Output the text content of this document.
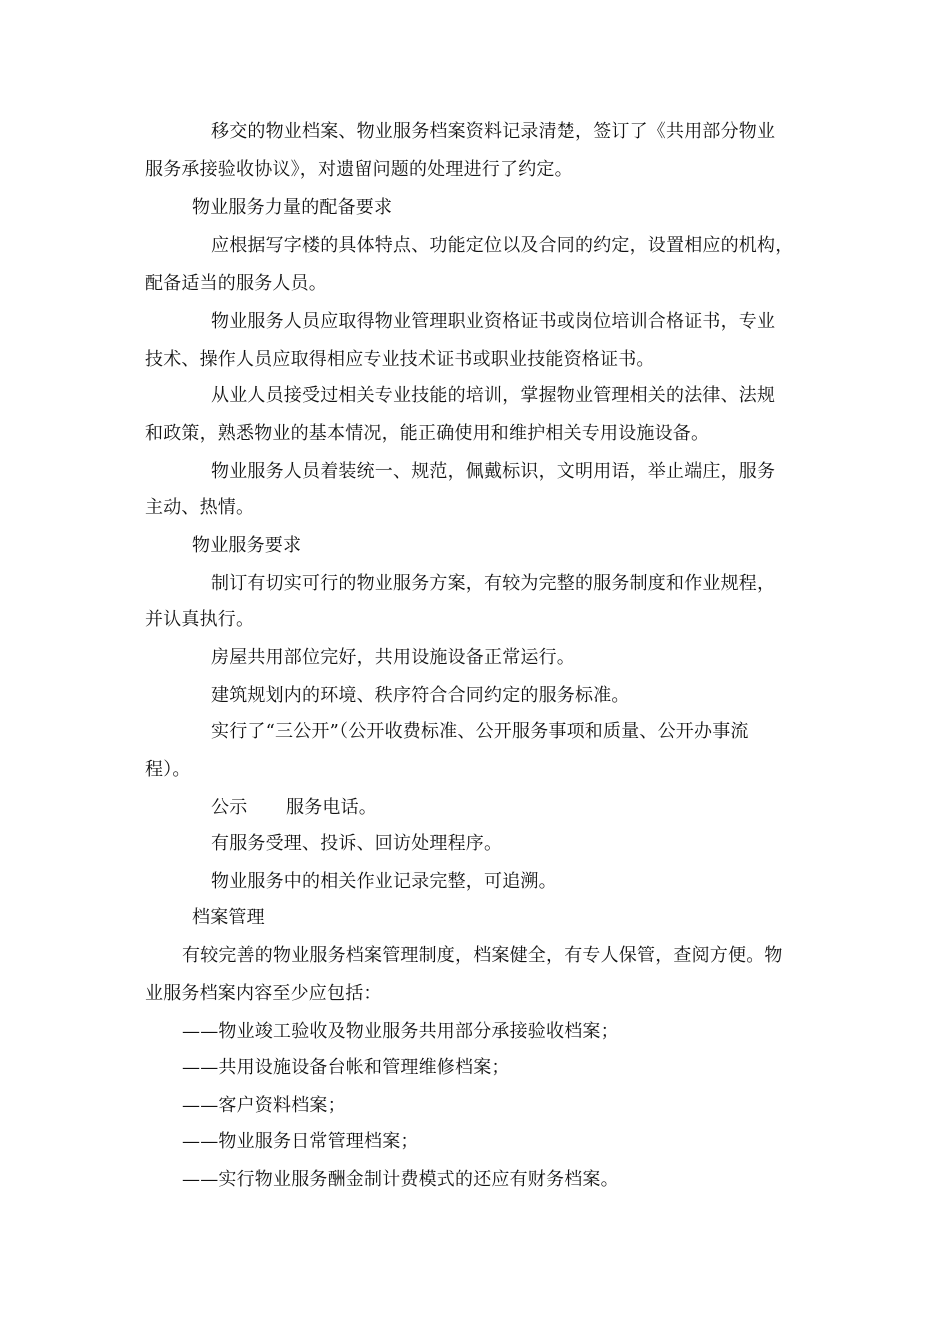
移交的物业档案、物业服务档案资料记录清楚，签订了《共用部分物业
服务承接验收协议》，对遗留问题的处理进行了约定。
物业服务力量的配备要求
应根据写字楼的具体特点、功能定位以及合同的约定，设置相应的机构，
配备适当的服务人员。
物业服务人员应取得物业管理职业资格证书或岗位培训合格证书，专业
技术、操作人员应取得相应专业技术证书或职业技能资格证书。
从业人员接受过相关专业技能的培训，掌握物业管理相关的法律、法规
和政策，熟悉物业的基本情况，能正确使用和维护相关专用设施设备。
物业服务人员着装统一、规范，佩戴标识，文明用语，举止端庄，服务
主动、热情。
物业服务要求
制订有切实可行的物业服务方案，有较为完整的服务制度和作业规程，
并认真执行。
房屋共用部位完好，共用设施设备正常运行。
建筑规划内的环境、秩序符合合同约定的服务标准。
实行了“三公开”（公开收费标准、公开服务事项和质量、公开办事流
程）。
公示 服务电话。
有服务受理、投诉、回访处理程序。
物业服务中的相关作业记录完整，可追溯。
档案管理
有较完善的物业服务档案管理制度，档案健全，有专人保管，查阅方便。物
业服务档案内容至少应包括：
——物业竣工验收及物业服务共用部分承接验收档案；
——共用设施设备台帐和管理维修档案；
——客户资料档案；
——物业服务日常管理档案；
——实行物业服务酬金制计费模式的还应有财务档案。
